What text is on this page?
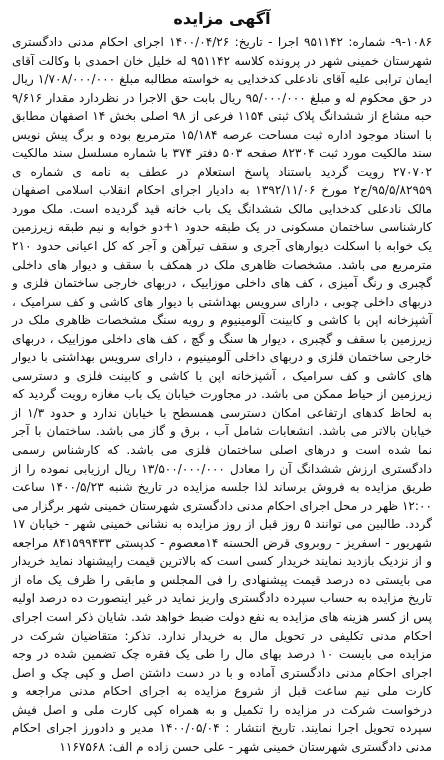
آگهی مزایده

۹-۱۰۸۶- شماره: ۹۵۱۱۴۲ اجرا - تاریخ: ۱۴۰۰/۰۴/۲۶ اجرای احکام مدنی دادگستری شهرستان خمینی شهر در پرونده کلاسه ۹۵۱۱۴۲ له خلیل خان احمدی با وکالت آقای ایمان ترابی علیه آقای نادعلی کدخدایی به خواسته مطالبه مبلغ ۱/۷۰۸/۰۰۰/۰۰۰ ریال در حق محکوم له و مبلغ ۹۵/۰۰۰/۰۰۰ ریال بابت حق الاجرا در نظردارد مقدار ۹/۶۱۶ حبه مشاع از ششدانگ پلاک ثبتی ۱۱۵۴ فرعی از ۹۸ اصلی بخش ۱۴ اصفهان مطابق با اسناد موجود اداره ثبت مساحت عرصه ۱۵/۱۸۴ مترمربع بوده و برگ پیش نویس سند مالکیت مورد ثبت ۸۲۳۰۴ صفحه ۵۰۳ دفتر ۳۷۴ با شماره مسلسل سند مالکیت ۲۷۰۷۰۲ رویت گردید باستناد پاسخ استعلام در عطف به نامه ی شماره ی ۹۵/۵/۸۲۹۵۹/ج۲ مورخ ۱۳۹۲/۱۱/۰۶ به دادیار اجرای احکام انقلاب اسلامی اصفهان مالک نادعلی کدخدایی مالک ششدانگ یک باب خانه قید گردیده است. ملک مورد کارشناسی ساختمان مسکونی در یک طبقه حدود ۱+دو خوابه و نیم طبقه زیرزمین یک خوابه با اسکلت دیوارهای آجری و سقف تیرآهن و آجر که کل اعیانی حدود ۲۱۰ مترمربع می باشد. مشخصات ظاهری ملک در همکف با سقف و دیوار های داخلی گچبری و رنگ آمیزی ، کف های داخلی موزاییک ، دربهای خارجی ساختمان فلزی و دربهای داخلی چوبی ، دارای سرویس بهداشتی با دیوار های کاشی و کف سرامیک ، آشپزخانه اپن با کاشی و کابینت آلومینیوم و رویه سنگ مشخصات ظاهری ملک در زیرزمین با سقف و گچبری ، دیوار ها سنگ و گچ ، کف های داخلی موزاییک ، دربهای خارجی ساختمان فلزی و دربهای داخلی آلومینیوم ، دارای سرویس بهداشتی با دیوار های کاشی و کف سرامیک ، آشپزخانه اپن با کاشی و کابینت فلزی و دسترسی زیرزمین از حیاط ممکن می باشد. در مجاورت خیابان یک باب مغازه رویت گردید که به لحاظ کدهای ارتفاعی امکان دسترسی همسطح با خیابان ندارد و حدود ۱/۳ از خیابان بالاتر می باشد. انشعابات شامل آب ، برق و گاز می باشد. ساختمان با آجر نما شده است و درهای اصلی ساختمان فلزی می باشد. که کارشناس رسمی دادگستری ارزش ششدانگ آن را معادل ۱۳/۵۰۰/۰۰۰/۰۰۰ ریال ارزیابی نموده را از طریق مزایده به فروش برساند لذا جلسه مزایده در تاریخ شنبه ۱۴۰۰/۵/۲۳ ساعت ۱۲:۰۰ ظهر در محل اجرای احکام مدنی دادگستری شهرستان خمینی شهر برگزار می گردد. طالبین می توانند ۵ روز قبل از روز مزایده به نشانی خمینی شهر - خیابان ۱۷ شهریور - اسفریز - روبروی قرض الحسنه ۱۴معصوم - کدپستی ۸۴۱۵۹۹۴۳۳ مراجعه و از نزدیک بازدید نمایند خریدار کسی است که بالاترین قیمت راپیشنهاد نماید خریدار می بایستی ده درصد قیمت پیشنهادی را فی المجلس و مابقی را ظرف یک ماه از تاریخ مزایده به حساب سپرده دادگستری واریز نماید در غیر اینصورت ده درصد اولیه پس از کسر هزینه های مزایده به نفع دولت ضبط خواهد شد. شایان ذکر است اجرای احکام مدنی تکلیفی در تحویل مال به خریدار ندارد. تذکر: متقاضیان شرکت در مزایده می بایست ۱۰ درصد بهای مال را طی یک فقره چک تضمین شده در وجه اجرای احکام مدنی دادگستری آماده و با در دست داشتن اصل و کپی چک و اصل کارت ملی نیم ساعت قبل از شروع مزایده به اجرای احکام مدنی مراجعه و درخواست شرکت در مزایده را تکمیل و به همراه کپی کارت ملی و اصل فیش سپرده تحویل اجرا نمایند. تاریخ انتشار : ۱۴۰۰/۰۵/۰۴ مدیر و دادورز اجرای احکام مدنی دادگستری شهرستان خمینی شهر - علی حسن زاده م الف: ۱۱۶۷۵۶۸
